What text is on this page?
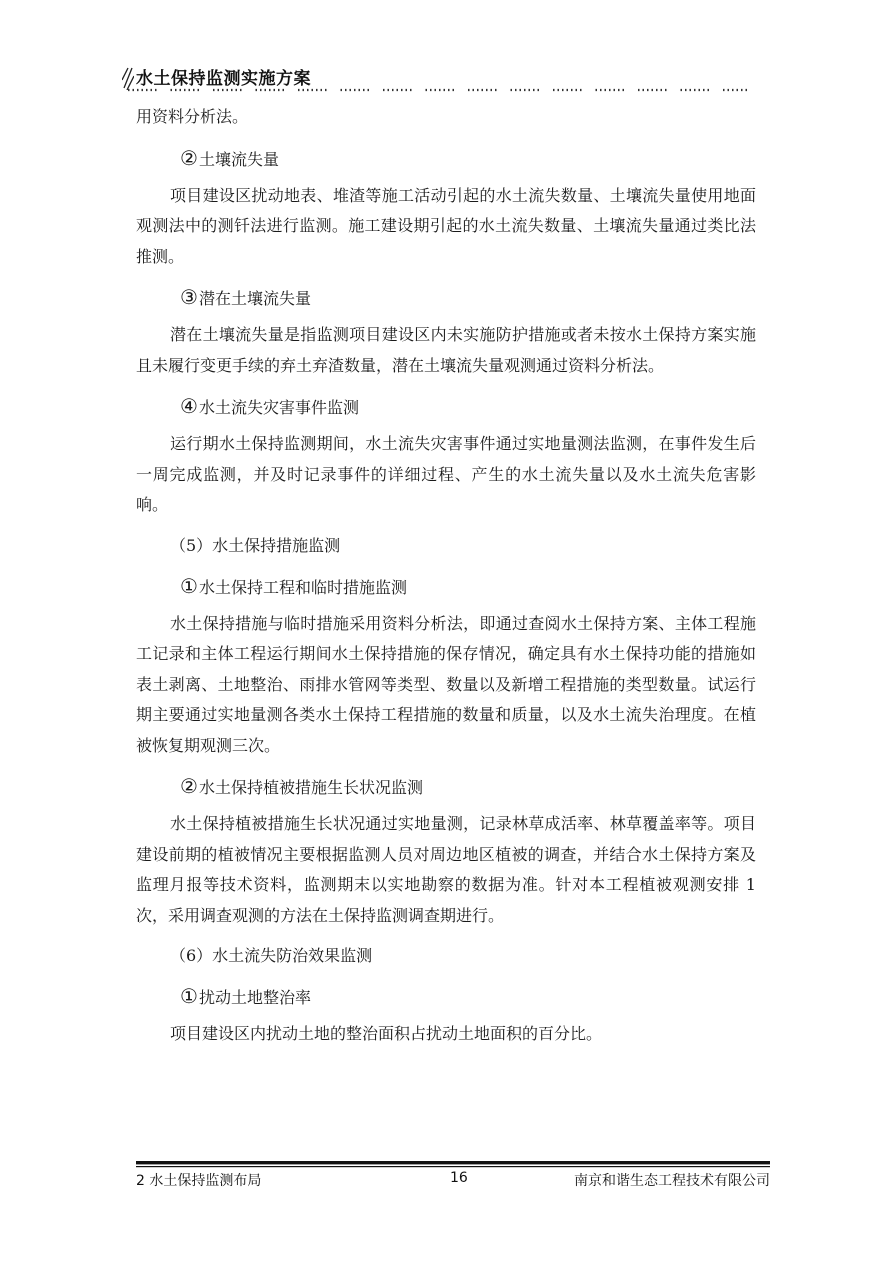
水土保持监测实施方案

用资料分析法。

②土壤流失量

项目建设区扰动地表、堆渣等施工活动引起的水土流失数量、土壤流失量使用地面观测法中的测钎法进行监测。施工建设期引起的水土流失数量、土壤流失量通过类比法推测。

③潜在土壤流失量

潜在土壤流失量是指监测项目建设区内未实施防护措施或者未按水土保持方案实施且未履行变更手续的弃土弃渣数量，潜在土壤流失量观测通过资料分析法。

④水土流失灾害事件监测

运行期水土保持监测期间，水土流失灾害事件通过实地量测法监测，在事件发生后一周完成监测，并及时记录事件的详细过程、产生的水土流失量以及水土流失危害影响。

（5）水土保持措施监测

①水土保持工程和临时措施监测

水土保持措施与临时措施采用资料分析法，即通过查阅水土保持方案、主体工程施工记录和主体工程运行期间水土保持措施的保存情况，确定具有水土保持功能的措施如表土剥离、土地整治、雨排水管网等类型、数量以及新增工程措施的类型数量。试运行期主要通过实地量测各类水土保持工程措施的数量和质量，以及水土流失治理度。在植被恢复期观测三次。

②水土保持植被措施生长状况监测

水土保持植被措施生长状况通过实地量测，记录林草成活率、林草覆盖率等。项目建设前期的植被情况主要根据监测人员对周边地区植被的调查，并结合水土保持方案及监理月报等技术资料，监测期末以实地勘察的数据为准。针对本工程植被观测安排 1 次，采用调查观测的方法在土保持监测调查期进行。

（6）水土流失防治效果监测

①扰动土地整治率

项目建设区内扰动土地的整治面积占扰动土地面积的百分比。

2 水土保持监测布局	16	南京和谐生态工程技术有限公司
